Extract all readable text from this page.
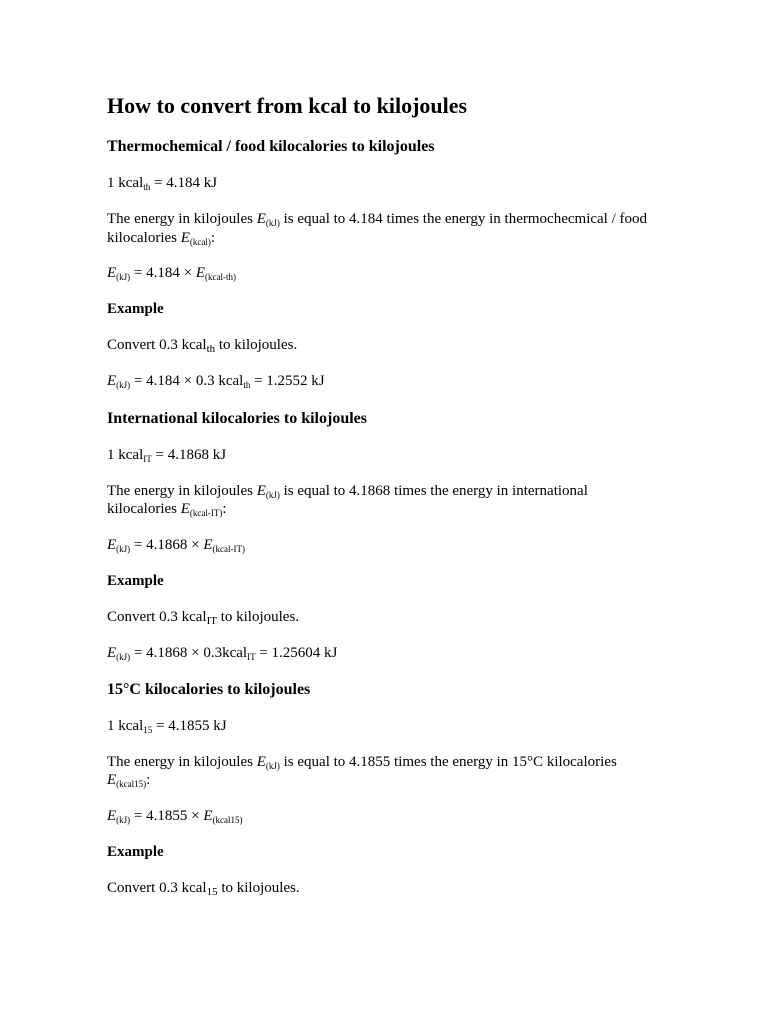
How to convert from kcal to kilojoules
Thermochemical / food kilocalories to kilojoules

1 kcal$_{th}$ = 4.184 kJ

The energy in kilojoules $E_{(kJ)}$ is equal to 4.184 times the energy in thermochecmical / food

kilocalories $E_{(kcal)}$:

$E_{(kJ)} = 4.184 \times E_{(kcal-th)}$

Example

Convert 0.3 kcal$_{th}$ to kilojoules.

$E_{(kJ)} = 4.184 \times 0.3$ kcal$_{th}$ = 1.2552 kJ

International kilocalories to kilojoules

1 kcal$_{IT}$ = 4.1868 kJ

The energy in kilojoules $E_{(kJ)}$ is equal to 4.1868 times the energy in international

kilocalories $E_{(kcal-IT)}$:

$E_{(kJ)} = 4.1868 \times E_{(kcal-IT)}$

Example

Convert 0.3 kcal$_{IT}$ to kilojoules.

$E_{(kJ)} = 4.1868$ × 0.3kcal$_{IT}$ = 1.25604 kJ

15°C kilocalories to kilojoules

1 kcal$_{15}$ = 4.1855 kJ

The energy in kilojoules $E_{(kJ)}$ is equal to 4.1855 times the energy in 15°C kilocalories

$E_{(kcal15)}$:

$E_{(kJ)} = 4.1855 \times E_{(kcal15)}$

Example

Convert 0.3 kcal$_{15}$ to kilojoules.
